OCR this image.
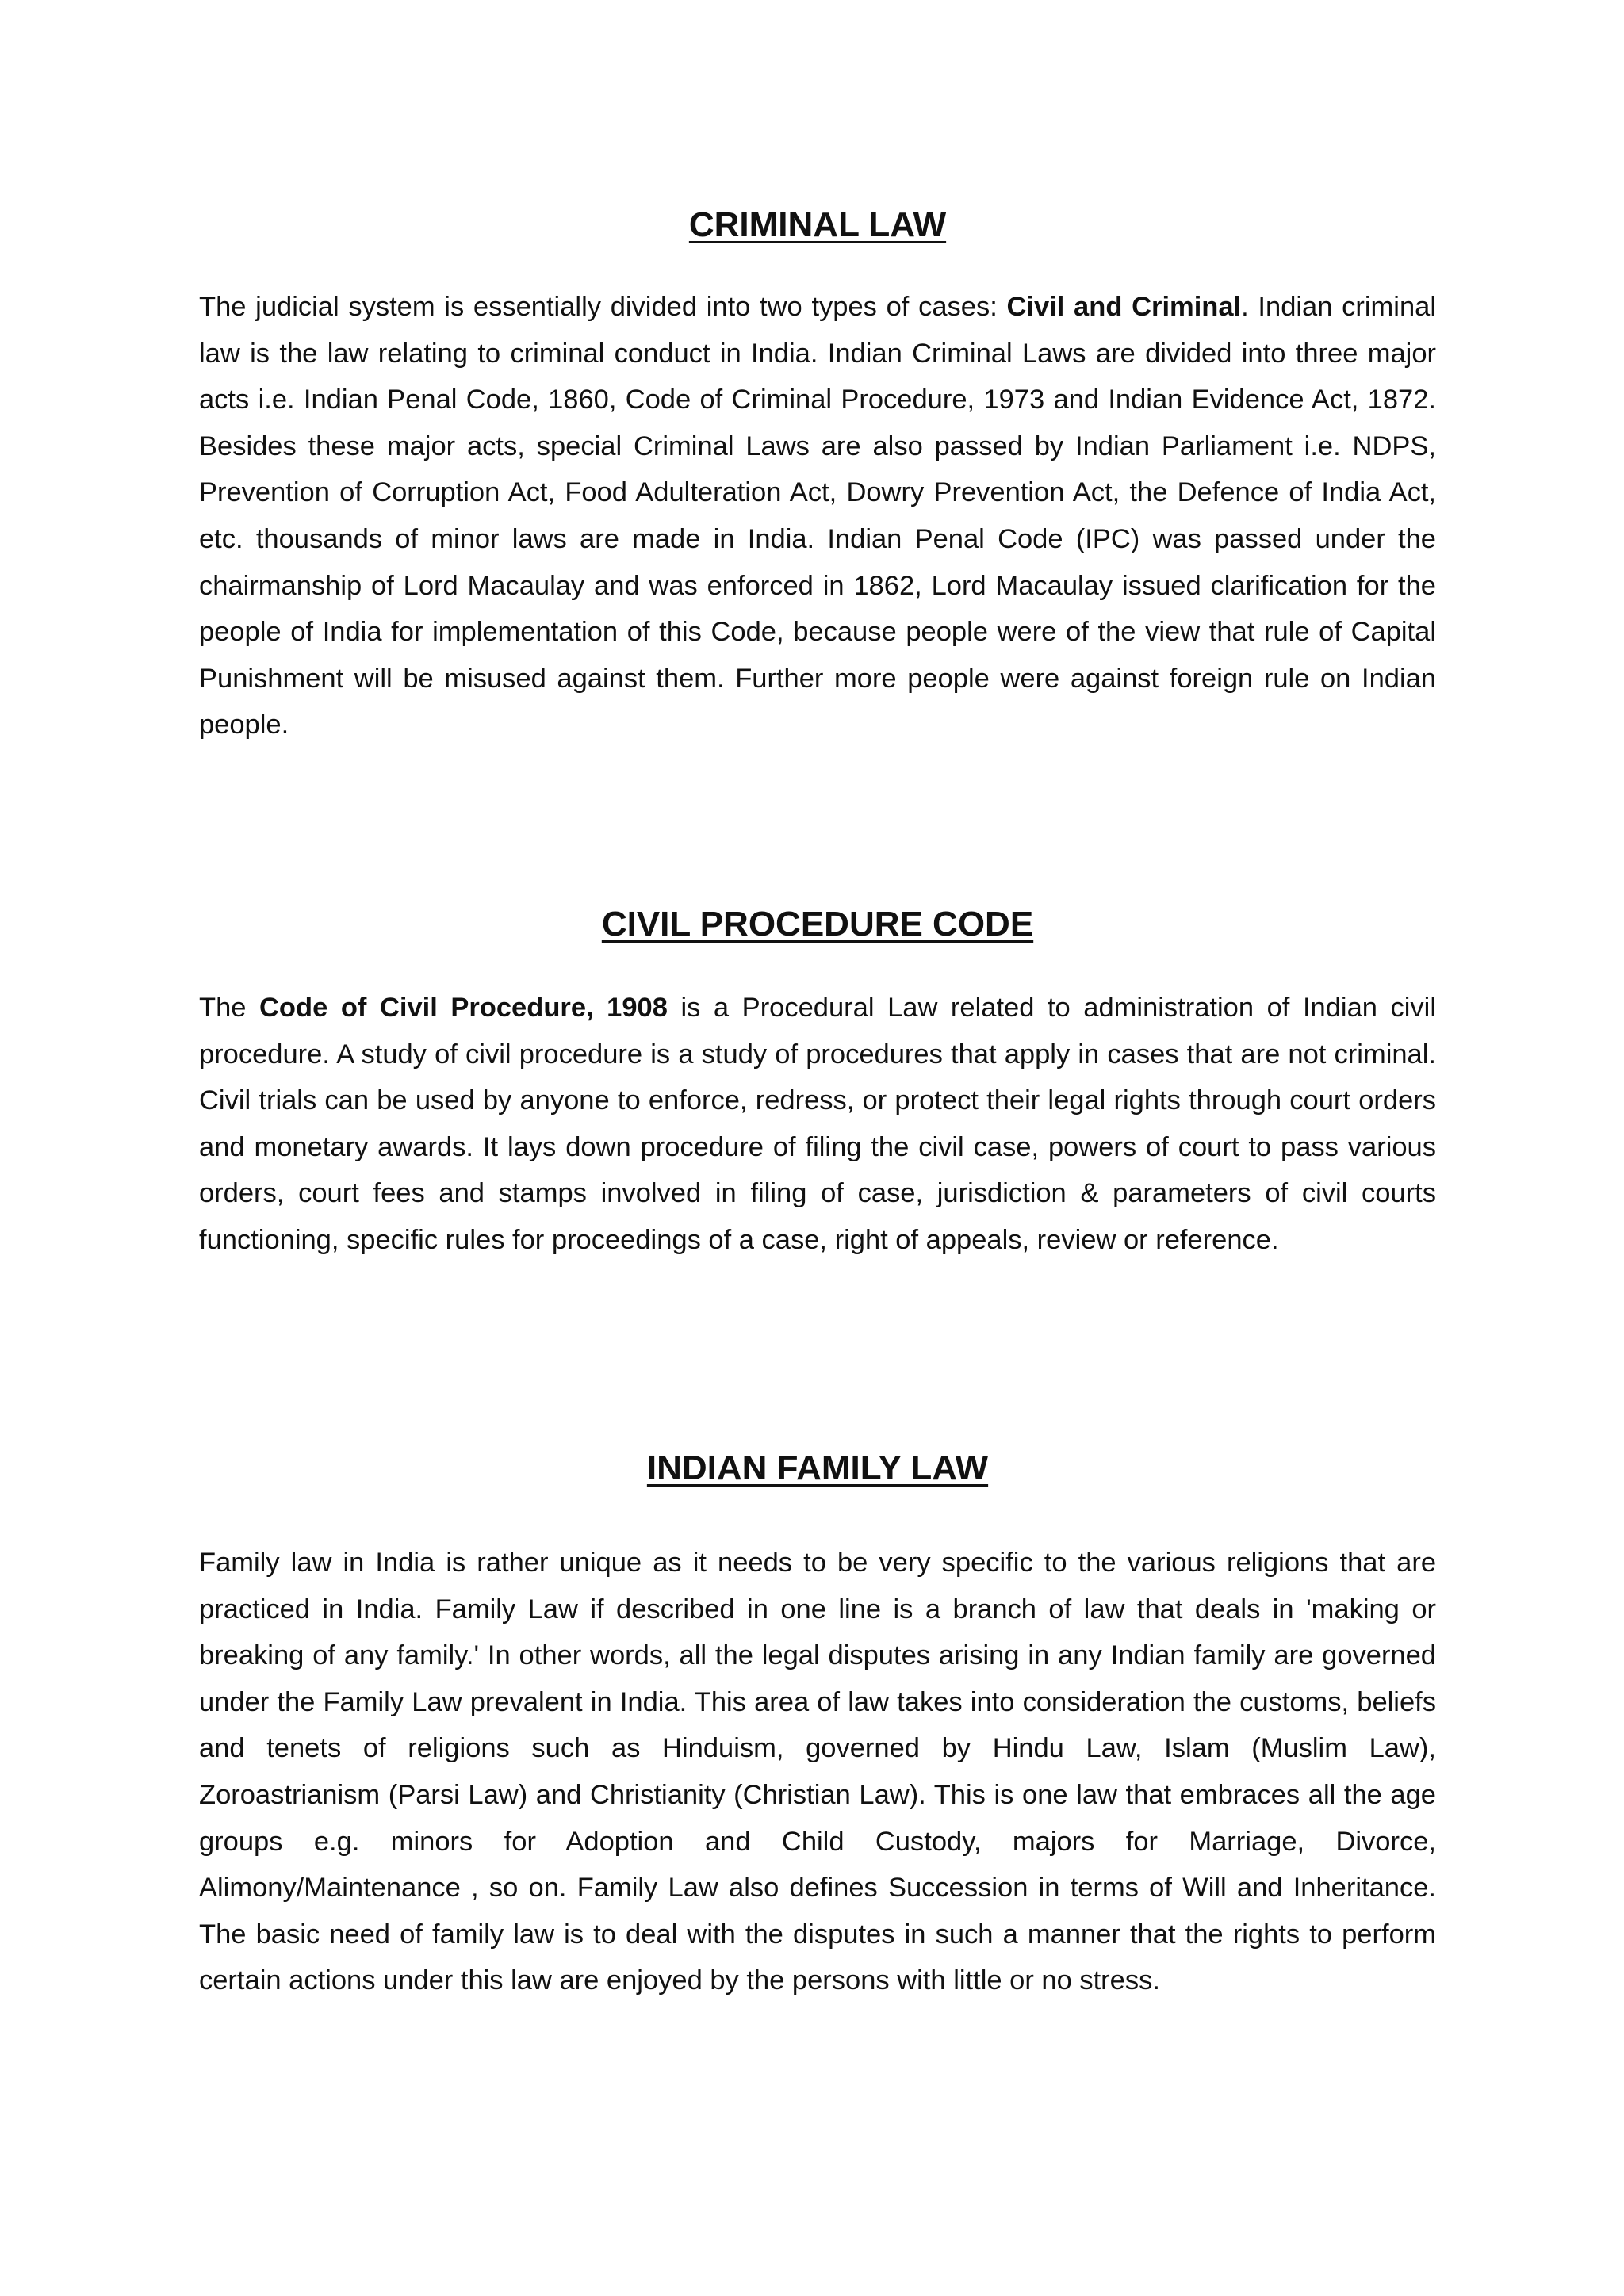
CRIMINAL LAW

The judicial system is essentially divided into two types of cases: Civil and Criminal. Indian criminal law is the law relating to criminal conduct in India. Indian Criminal Laws are divided into three major acts i.e. Indian Penal Code, 1860, Code of Criminal Procedure, 1973 and Indian Evidence Act, 1872. Besides these major acts, special Criminal Laws are also passed by Indian Parliament i.e. NDPS, Prevention of Corruption Act, Food Adulteration Act, Dowry Prevention Act, the Defence of India Act, etc. thousands of minor laws are made in India. Indian Penal Code (IPC) was passed under the chairmanship of Lord Macaulay and was enforced in 1862, Lord Macaulay issued clarification for the people of India for implementation of this Code, because people were of the view that rule of Capital Punishment will be misused against them. Further more people were against foreign rule on Indian people.

CIVIL PROCEDURE CODE

The Code of Civil Procedure, 1908 is a Procedural Law related to administration of Indian civil procedure. A study of civil procedure is a study of procedures that apply in cases that are not criminal. Civil trials can be used by anyone to enforce, redress, or protect their legal rights through court orders and monetary awards. It lays down procedure of filing the civil case, powers of court to pass various orders, court fees and stamps involved in filing of case, jurisdiction & parameters of civil courts functioning, specific rules for proceedings of a case, right of appeals, review or reference.

INDIAN FAMILY LAW

Family law in India is rather unique as it needs to be very specific to the various religions that are practiced in India. Family Law if described in one line is a branch of law that deals in 'making or breaking of any family.' In other words, all the legal disputes arising in any Indian family are governed under the Family Law prevalent in India. This area of law takes into consideration the customs, beliefs and tenets of religions such as Hinduism, governed by Hindu Law, Islam (Muslim Law), Zoroastrianism (Parsi Law) and Christianity (Christian Law). This is one law that embraces all the age groups e.g. minors for Adoption and Child Custody, majors for Marriage, Divorce, Alimony/Maintenance , so on. Family Law also defines Succession in terms of Will and Inheritance. The basic need of family law is to deal with the disputes in such a manner that the rights to perform certain actions under this law are enjoyed by the persons with little or no stress.
